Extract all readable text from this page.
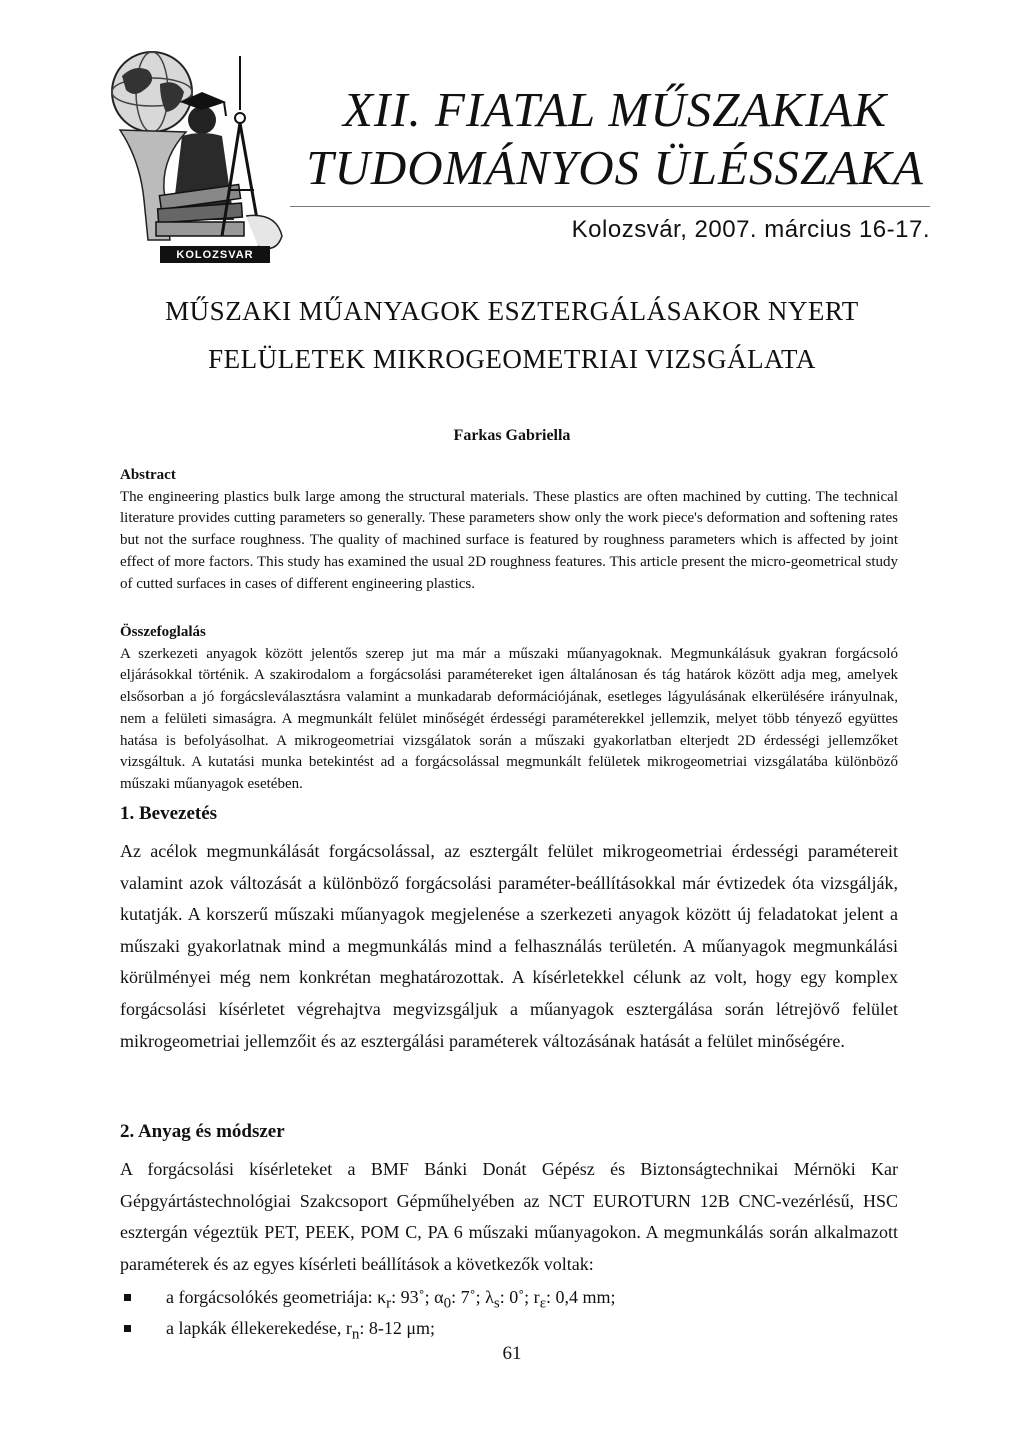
KOLOZSVAR
XII. FIATAL MŰSZAKIAK
TUDOMÁNYOS ÜLÉSSZAKA
Kolozsvár, 2007. március 16-17.
MŰSZAKI MŰANYAGOK ESZTERGÁLÁSAKOR NYERT
FELÜLETEK MIKROGEOMETRIAI VIZSGÁLATA
Farkas Gabriella
Abstract
The engineering plastics bulk large among the structural materials. These plastics are often machined by cutting. The technical literature provides cutting parameters so generally. These parameters show only the work piece's deformation and softening rates but not the surface roughness. The quality of machined surface is featured by roughness parameters which is affected by joint effect of more factors. This study has examined the usual 2D roughness features. This article present the micro-geometrical study of cutted surfaces in cases of different engineering plastics.
Összefoglalás
A szerkezeti anyagok között jelentős szerep jut ma már a műszaki műanyagoknak. Megmunkálásuk gyakran forgácsoló eljárásokkal történik. A szakirodalom a forgácsolási paramétereket igen általánosan és tág határok között adja meg, amelyek elsősorban a jó forgácsleválasztásra valamint a munkadarab deformációjának, esetleges lágyulásának elkerülésére irányulnak, nem a felületi simaságra. A megmunkált felület minőségét érdességi paraméterekkel jellemzik, melyet több tényező együttes hatása is befolyásolhat. A mikrogeometriai vizsgálatok során a műszaki gyakorlatban elterjedt 2D érdességi jellemzőket vizsgáltuk. A kutatási munka betekintést ad a forgácsolással megmunkált felületek mikrogeometriai vizsgálatába különböző műszaki műanyagok esetében.
1. Bevezetés
Az acélok megmunkálását forgácsolással, az esztergált felület mikrogeometriai érdességi paramétereit valamint azok változását a különböző forgácsolási paraméter-beállításokkal már évtizedek óta vizsgálják, kutatják. A korszerű műszaki műanyagok megjelenése a szerkezeti anyagok között új feladatokat jelent a műszaki gyakorlatnak mind a megmunkálás mind a felhasználás területén. A műanyagok megmunkálási körülményei még nem konkrétan meghatározottak. A kísérletekkel célunk az volt, hogy egy komplex forgácsolási kísérletet végrehajtva megvizsgáljuk a műanyagok esztergálása során létrejövő felület mikrogeometriai jellemzőit és az esztergálási paraméterek változásának hatását a felület minőségére.
2. Anyag és módszer
A forgácsolási kísérleteket a BMF Bánki Donát Gépész és Biztonságtechnikai Mérnöki Kar Gépgyártástechnológiai Szakcsoport Gépműhelyében az NCT EUROTURN 12B CNC-vezérlésű, HSC esztergán végeztük PET, PEEK, POM C, PA 6 műszaki műanyagokon. A megmunkálás során alkalmazott paraméterek és az egyes kísérleti beállítások a következők voltak:
a forgácsolókés geometriája: $\kappa_r$: 93˚; $\alpha_0$: 7˚; $\lambda_s$: 0˚; $r_\varepsilon$: 0,4 mm;
a lapkák éllekerekedése, $r_n$: 8-12 μm;
61
